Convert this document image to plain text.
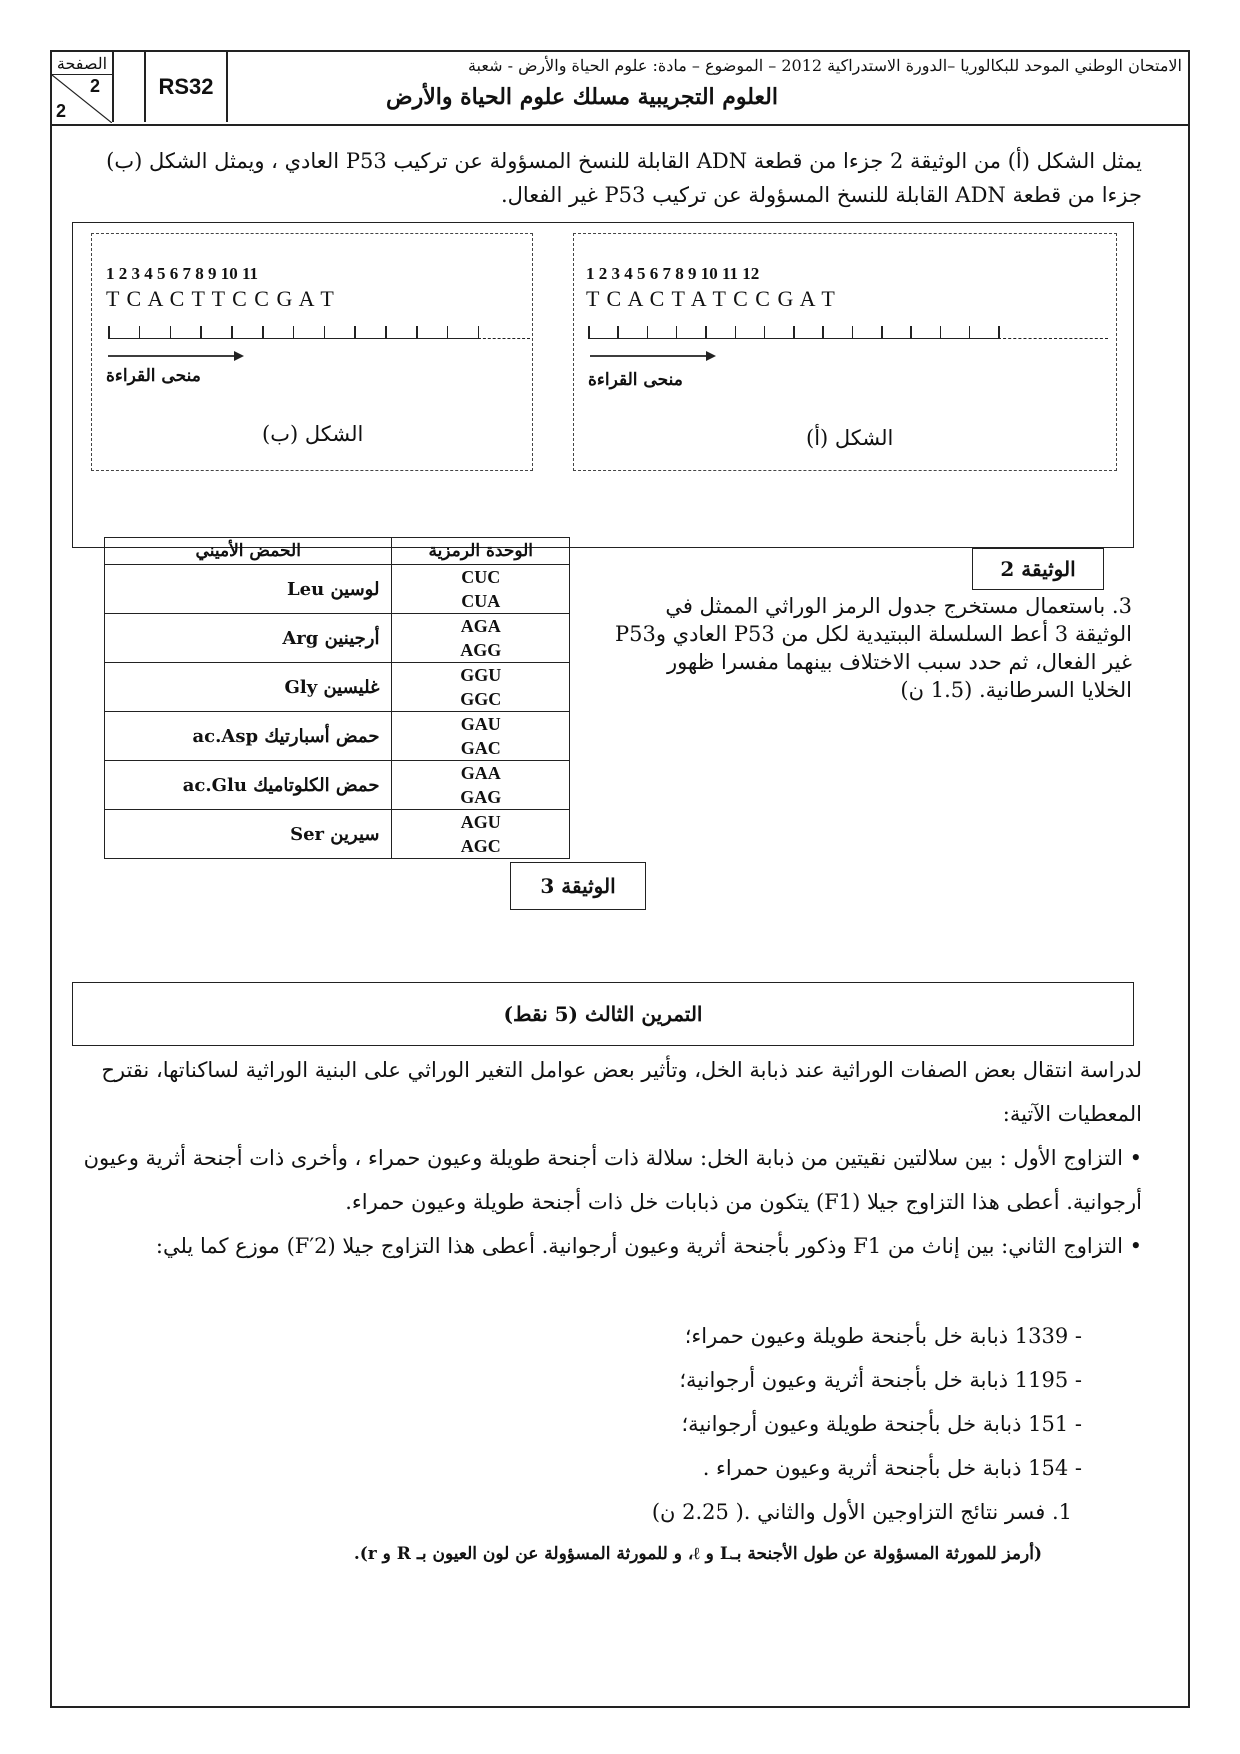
الصفحة
2
2
RS32
الامتحان الوطني الموحد للبكالوريا –الدورة الاستدراكية 2012 – الموضوع – مادة: علوم الحياة والأرض - شعبة
العلوم التجريبية مسلك علوم الحياة والأرض
يمثل الشكل (أ) من الوثيقة 2 جزءا من قطعة ADN القابلة للنسخ المسؤولة عن تركيب P53 العادي ، ويمثل الشكل (ب) جزءا من قطعة ADN القابلة للنسخ المسؤولة عن تركيب P53 غير الفعال.
1 2 3 4 5 6 7 8 9 10 11
T C A C T T C C G A T
منحى القراءة
الشكل (ب)
1 2 3 4 5 6 7 8 9 10 11 12
T C A C T A T C C G A T
منحى القراءة
الشكل (أ)
الوثيقة 2
الحمض الأميني	الوحدة الرمزية
لوسين Leu	CUC
CUA

أرجينين Arg	AGA
AGG

غليسين Gly	GGU
GGC

حمض أسبارتيك ac.Asp	GAU
GAC

حمض الكلوتاميك ac.Glu	GAA
GAG

سيرين Ser	AGU
AGC
الوثيقة 3
3. باستعمال مستخرج جدول الرمز الوراثي الممثل في الوثيقة 3 أعط السلسلة الببتيدية لكل من P53 العادي وP53 غير الفعال، ثم حدد سبب الاختلاف بينهما مفسرا ظهور الخلايا السرطانية. (1.5 ن)
التمرين الثالث (5 نقط)
لدراسة انتقال بعض الصفات الوراثية عند ذبابة الخل، وتأثير بعض عوامل التغير الوراثي على البنية الوراثية لساكناتها، نقترح المعطيات الآتية:
• التزاوج الأول : بين سلالتين نقيتين من ذبابة الخل: سلالة ذات أجنحة طويلة وعيون حمراء ، وأخرى ذات أجنحة أثرية وعيون أرجوانية. أعطى هذا التزاوج جيلا (F1) يتكون من ذبابات خل ذات أجنحة طويلة وعيون حمراء.
• التزاوج الثاني: بين إناث من F1 وذكور بأجنحة أثرية وعيون أرجوانية. أعطى هذا التزاوج جيلا (F′2) موزع كما يلي:
- 1339 ذبابة خل بأجنحة طويلة وعيون حمراء؛
- 1195 ذبابة خل بأجنحة أثرية وعيون أرجوانية؛
- 151 ذبابة خل بأجنحة طويلة وعيون أرجوانية؛
- 154 ذبابة خل بأجنحة أثرية وعيون حمراء .
1. فسر نتائج التزاوجين الأول والثاني .( 2.25 ن)
(أرمز للمورثة المسؤولة عن طول الأجنحة بـL و ℓ، و للمورثة المسؤولة عن لون العيون بـ R و r).
